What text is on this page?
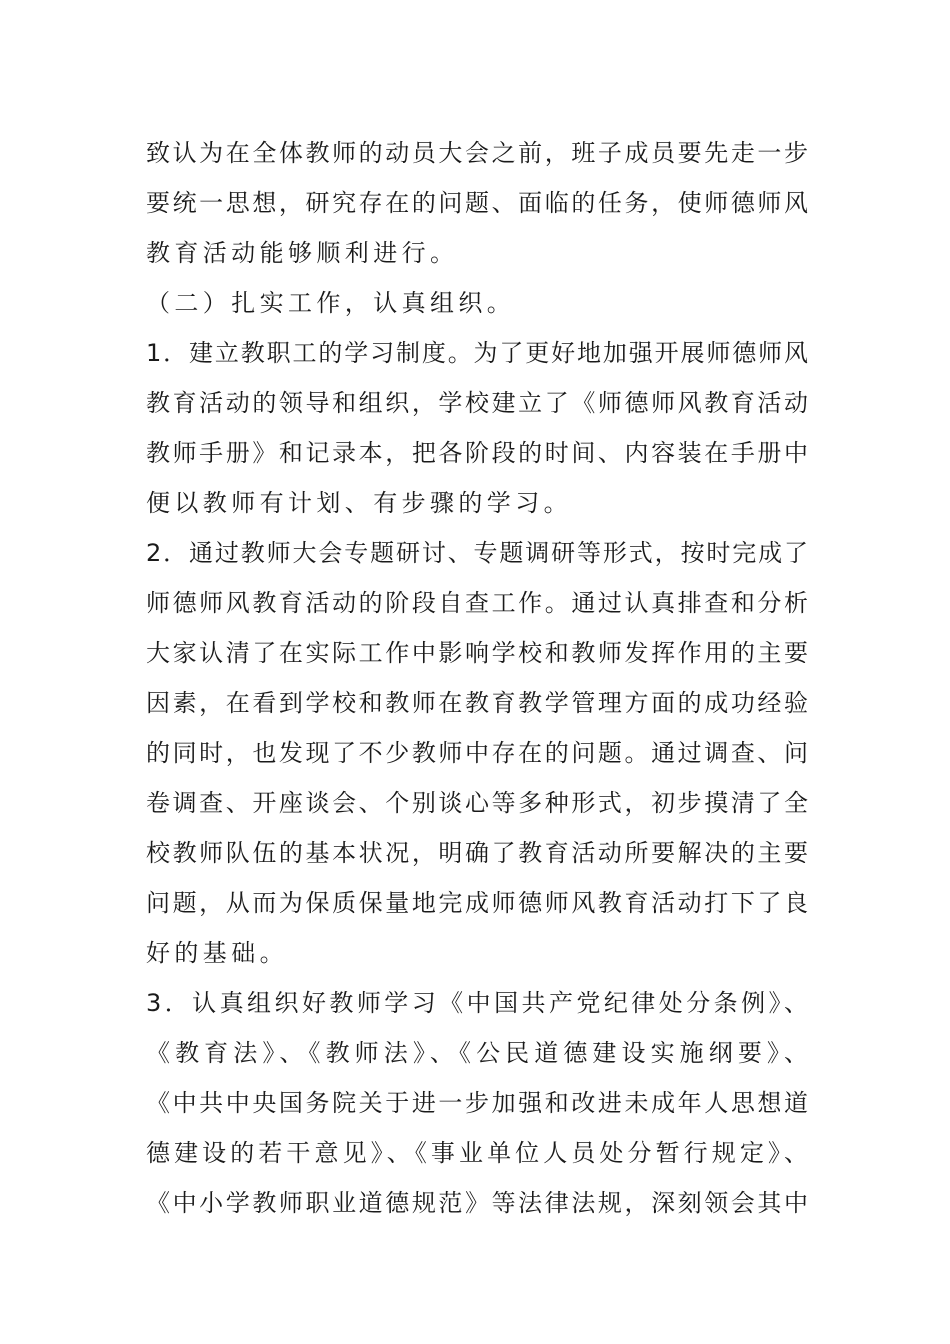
致认为在全体教师的动员大会之前，班子成员要先走一步
要统一思想，研究存在的问题、面临的任务，使师德师风
教育活动能够顺利进行。
（二）扎实工作，认真组织。
1．建立教职工的学习制度。为了更好地加强开展师德师风
教育活动的领导和组织，学校建立了《师德师风教育活动
教师手册》和记录本，把各阶段的时间、内容装在手册中
便以教师有计划、有步骤的学习。
2．通过教师大会专题研讨、专题调研等形式，按时完成了
师德师风教育活动的阶段自查工作。通过认真排查和分析
大家认清了在实际工作中影响学校和教师发挥作用的主要
因素，在看到学校和教师在教育教学管理方面的成功经验
的同时，也发现了不少教师中存在的问题。通过调查、问
卷调查、开座谈会、个别谈心等多种形式，初步摸清了全
校教师队伍的基本状况，明确了教育活动所要解决的主要
问题，从而为保质保量地完成师德师风教育活动打下了良
好的基础。
3．认真组织好教师学习《中国共产党纪律处分条例》、
《教育法》、《教师法》、《公民道德建设实施纲要》、
《中共中央国务院关于进一步加强和改进未成年人思想道
德建设的若干意见》、《事业单位人员处分暂行规定》、
《中小学教师职业道德规范》等法律法规，深刻领会其中
